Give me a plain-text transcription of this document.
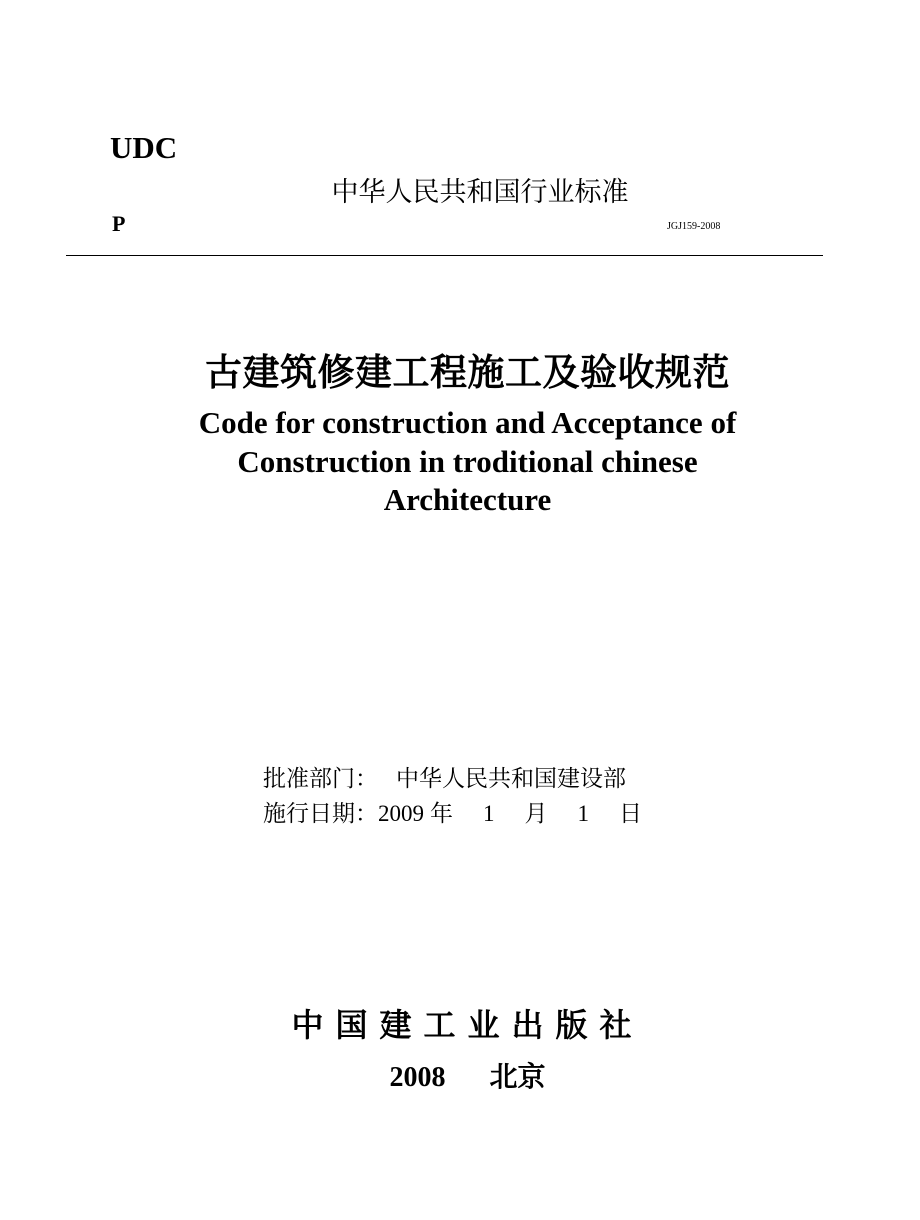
UDC
中华人民共和国行业标准
P	JGJ159-2008
古建筑修建工程施工及验收规范
Code for construction and Acceptance of
Construction in troditional chinese
Architecture
批准部门： 中华人民共和国建设部
施行日期：2009 年 1 月 1 日
中国建工业出版社
2008 北京
